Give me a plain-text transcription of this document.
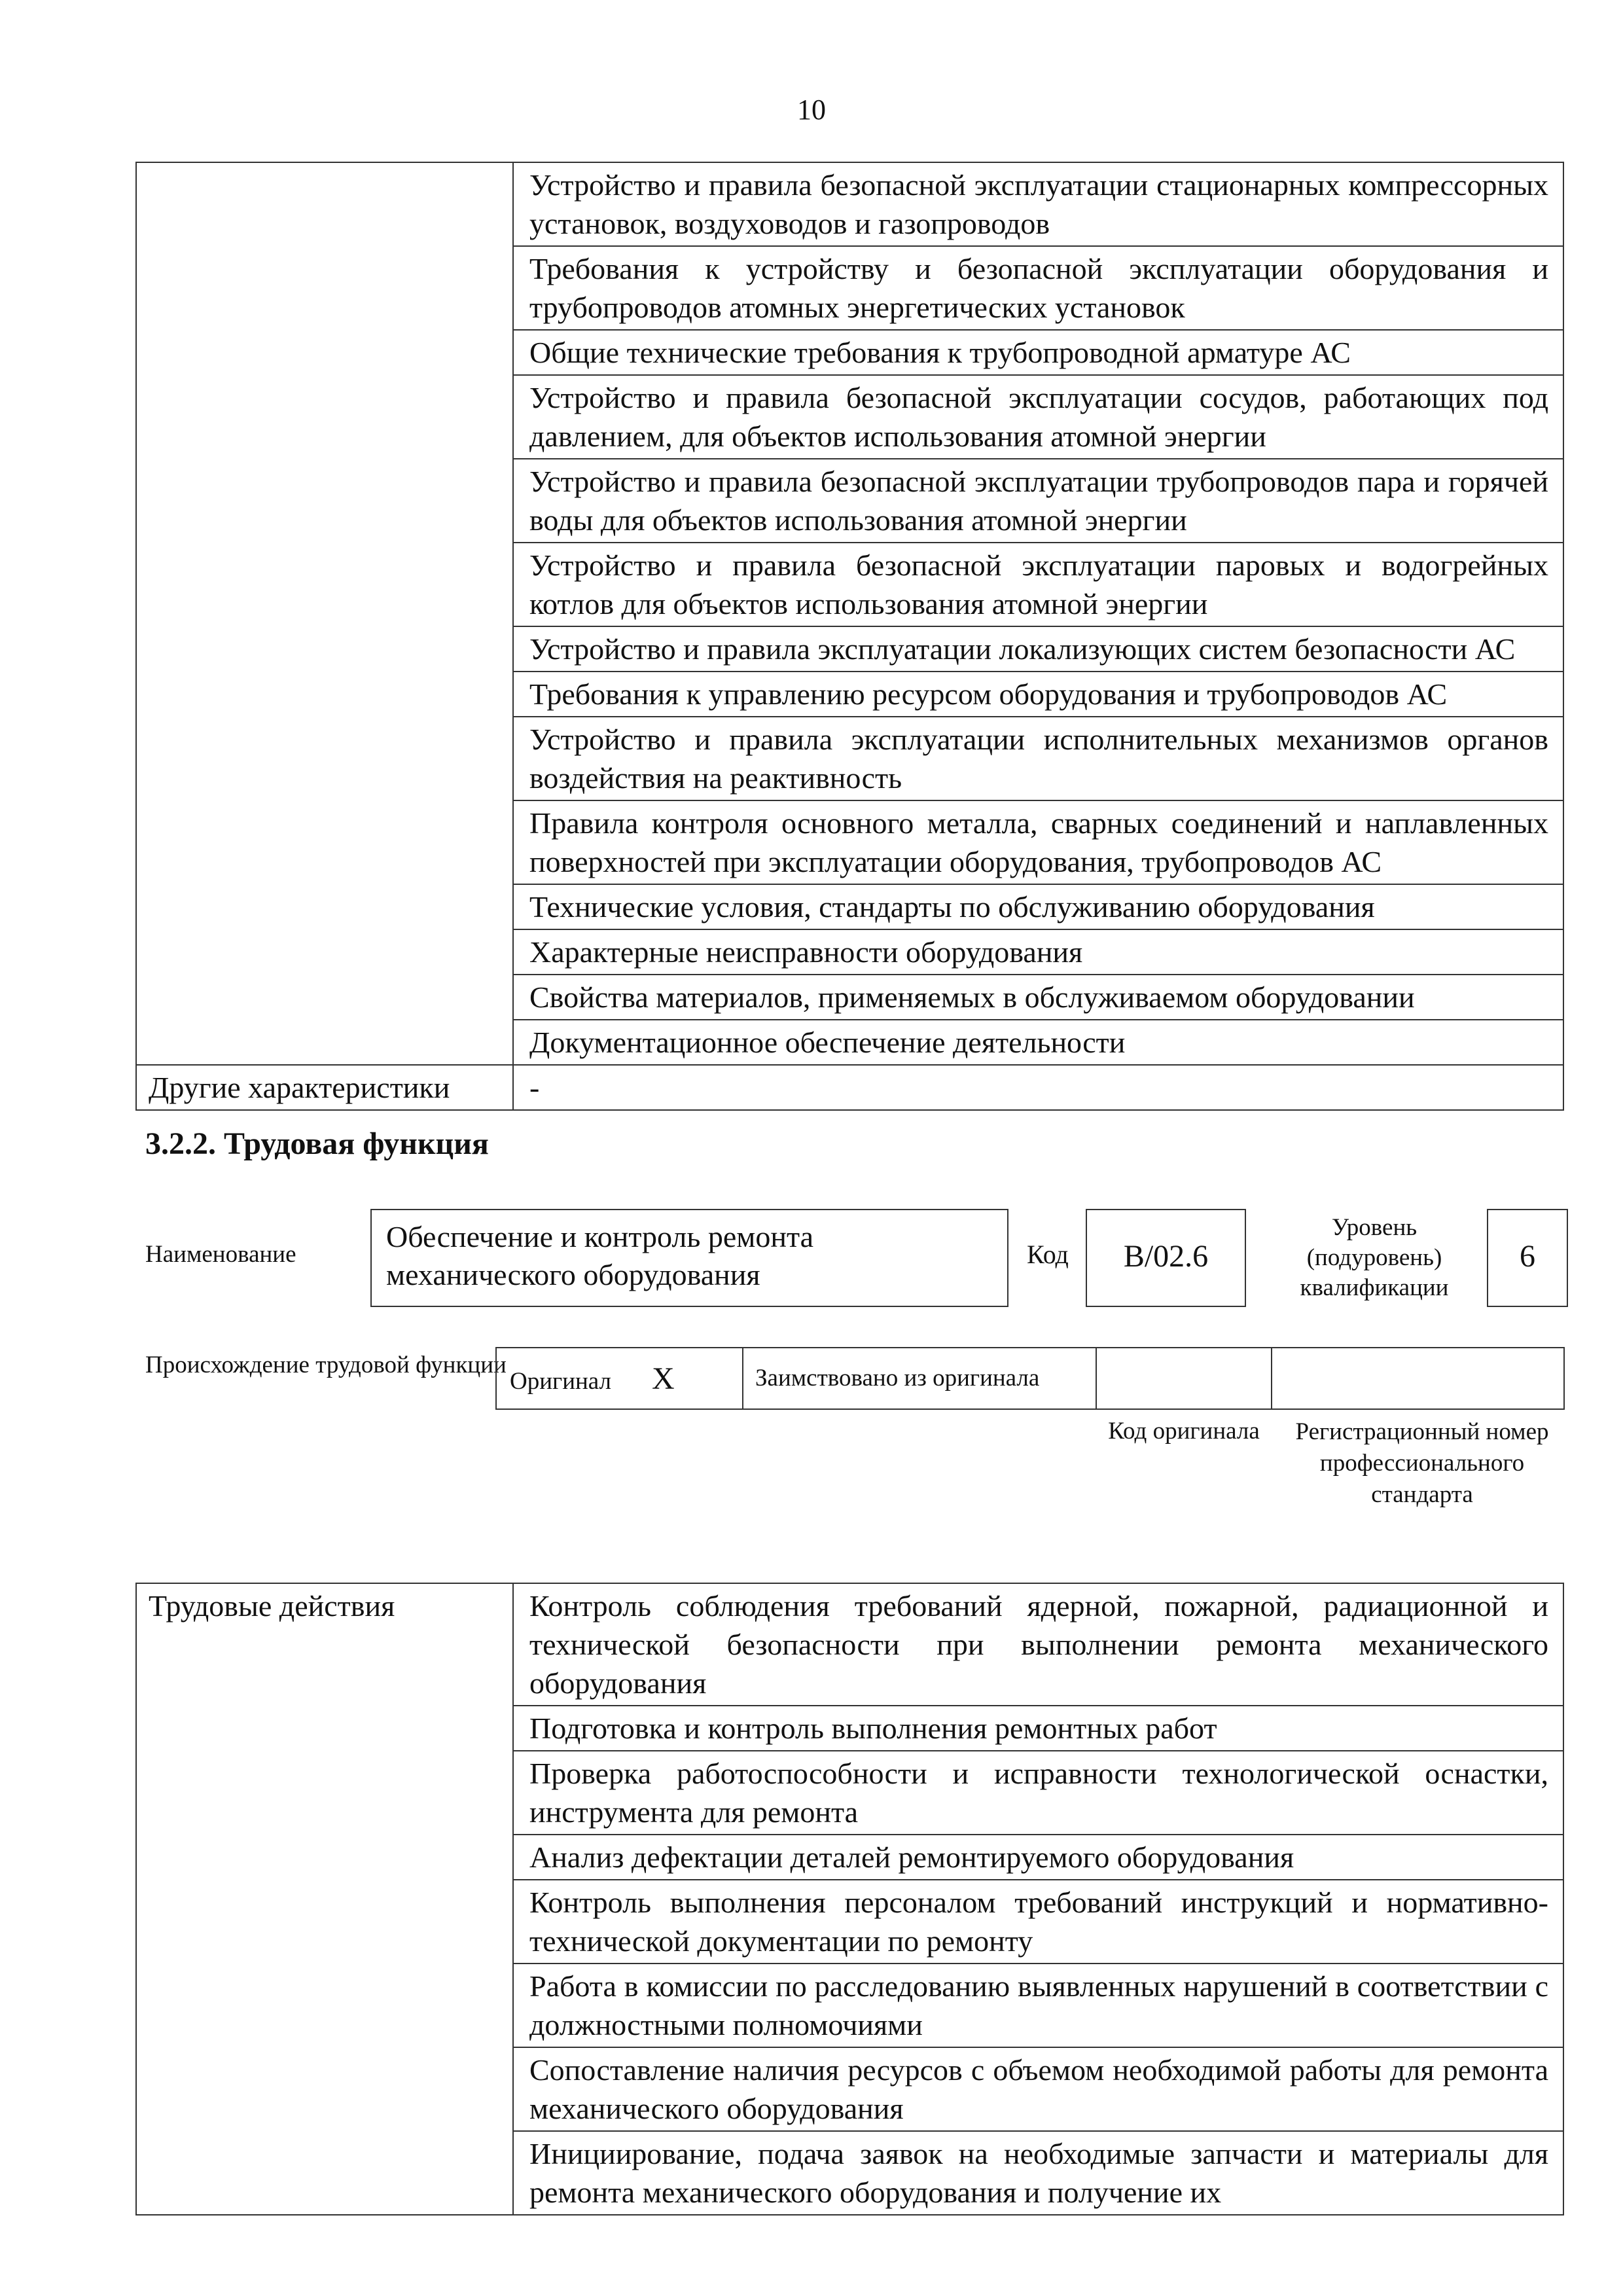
10
	Устройство и правила безопасной эксплуатации стационарных компрессорных установок, воздуховодов и газопроводов
	Требования к устройству и безопасной эксплуатации оборудования и трубопроводов атомных энергетических установок
	Общие технические требования к трубопроводной арматуре АС
	Устройство и правила безопасной эксплуатации сосудов, работающих под давлением, для объектов использования атомной энергии
	Устройство и правила безопасной эксплуатации трубопроводов пара и горячей воды для объектов использования атомной энергии
	Устройство и правила безопасной эксплуатации паровых и водогрейных котлов для объектов использования атомной энергии
	Устройство и правила эксплуатации локализующих систем безопасности АС
	Требования к управлению ресурсом оборудования и трубопроводов АС
	Устройство и правила эксплуатации исполнительных механизмов органов воздействия на реактивность
	Правила контроля основного металла, сварных соединений и наплавленных поверхностей при эксплуатации оборудования, трубопроводов АС
	Технические условия, стандарты по обслуживанию оборудования
	Характерные неисправности оборудования
	Свойства материалов, применяемых в обслуживаемом оборудовании
	Документационное обеспечение деятельности
Другие характеристики	-
3.2.2. Трудовая функция
Наименование
Обеспечение и контроль ремонта механического оборудования
Код	B/02.6
Уровень (подуровень) квалификации
6
Происхождение трудовой функции
Оригинал X	Заимствовано из оригинала

Код оригинала	Регистрационный номер профессионального стандарта
Трудовые действия	Контроль соблюдения требований ядерной, пожарной, радиационной и технической безопасности при выполнении ремонта механического оборудования
Подготовка и контроль выполнения ремонтных работ
Проверка работоспособности и исправности технологической оснастки, инструмента для ремонта
Анализ дефектации деталей ремонтируемого оборудования
Контроль выполнения персоналом требований инструкций и нормативно-технической документации по ремонту
Работа в комиссии по расследованию выявленных нарушений в соответствии с должностными полномочиями
Сопоставление наличия ресурсов с объемом необходимой работы для ремонта механического оборудования
Инициирование, подача заявок на необходимые запчасти и материалы для ремонта механического оборудования и получение их
